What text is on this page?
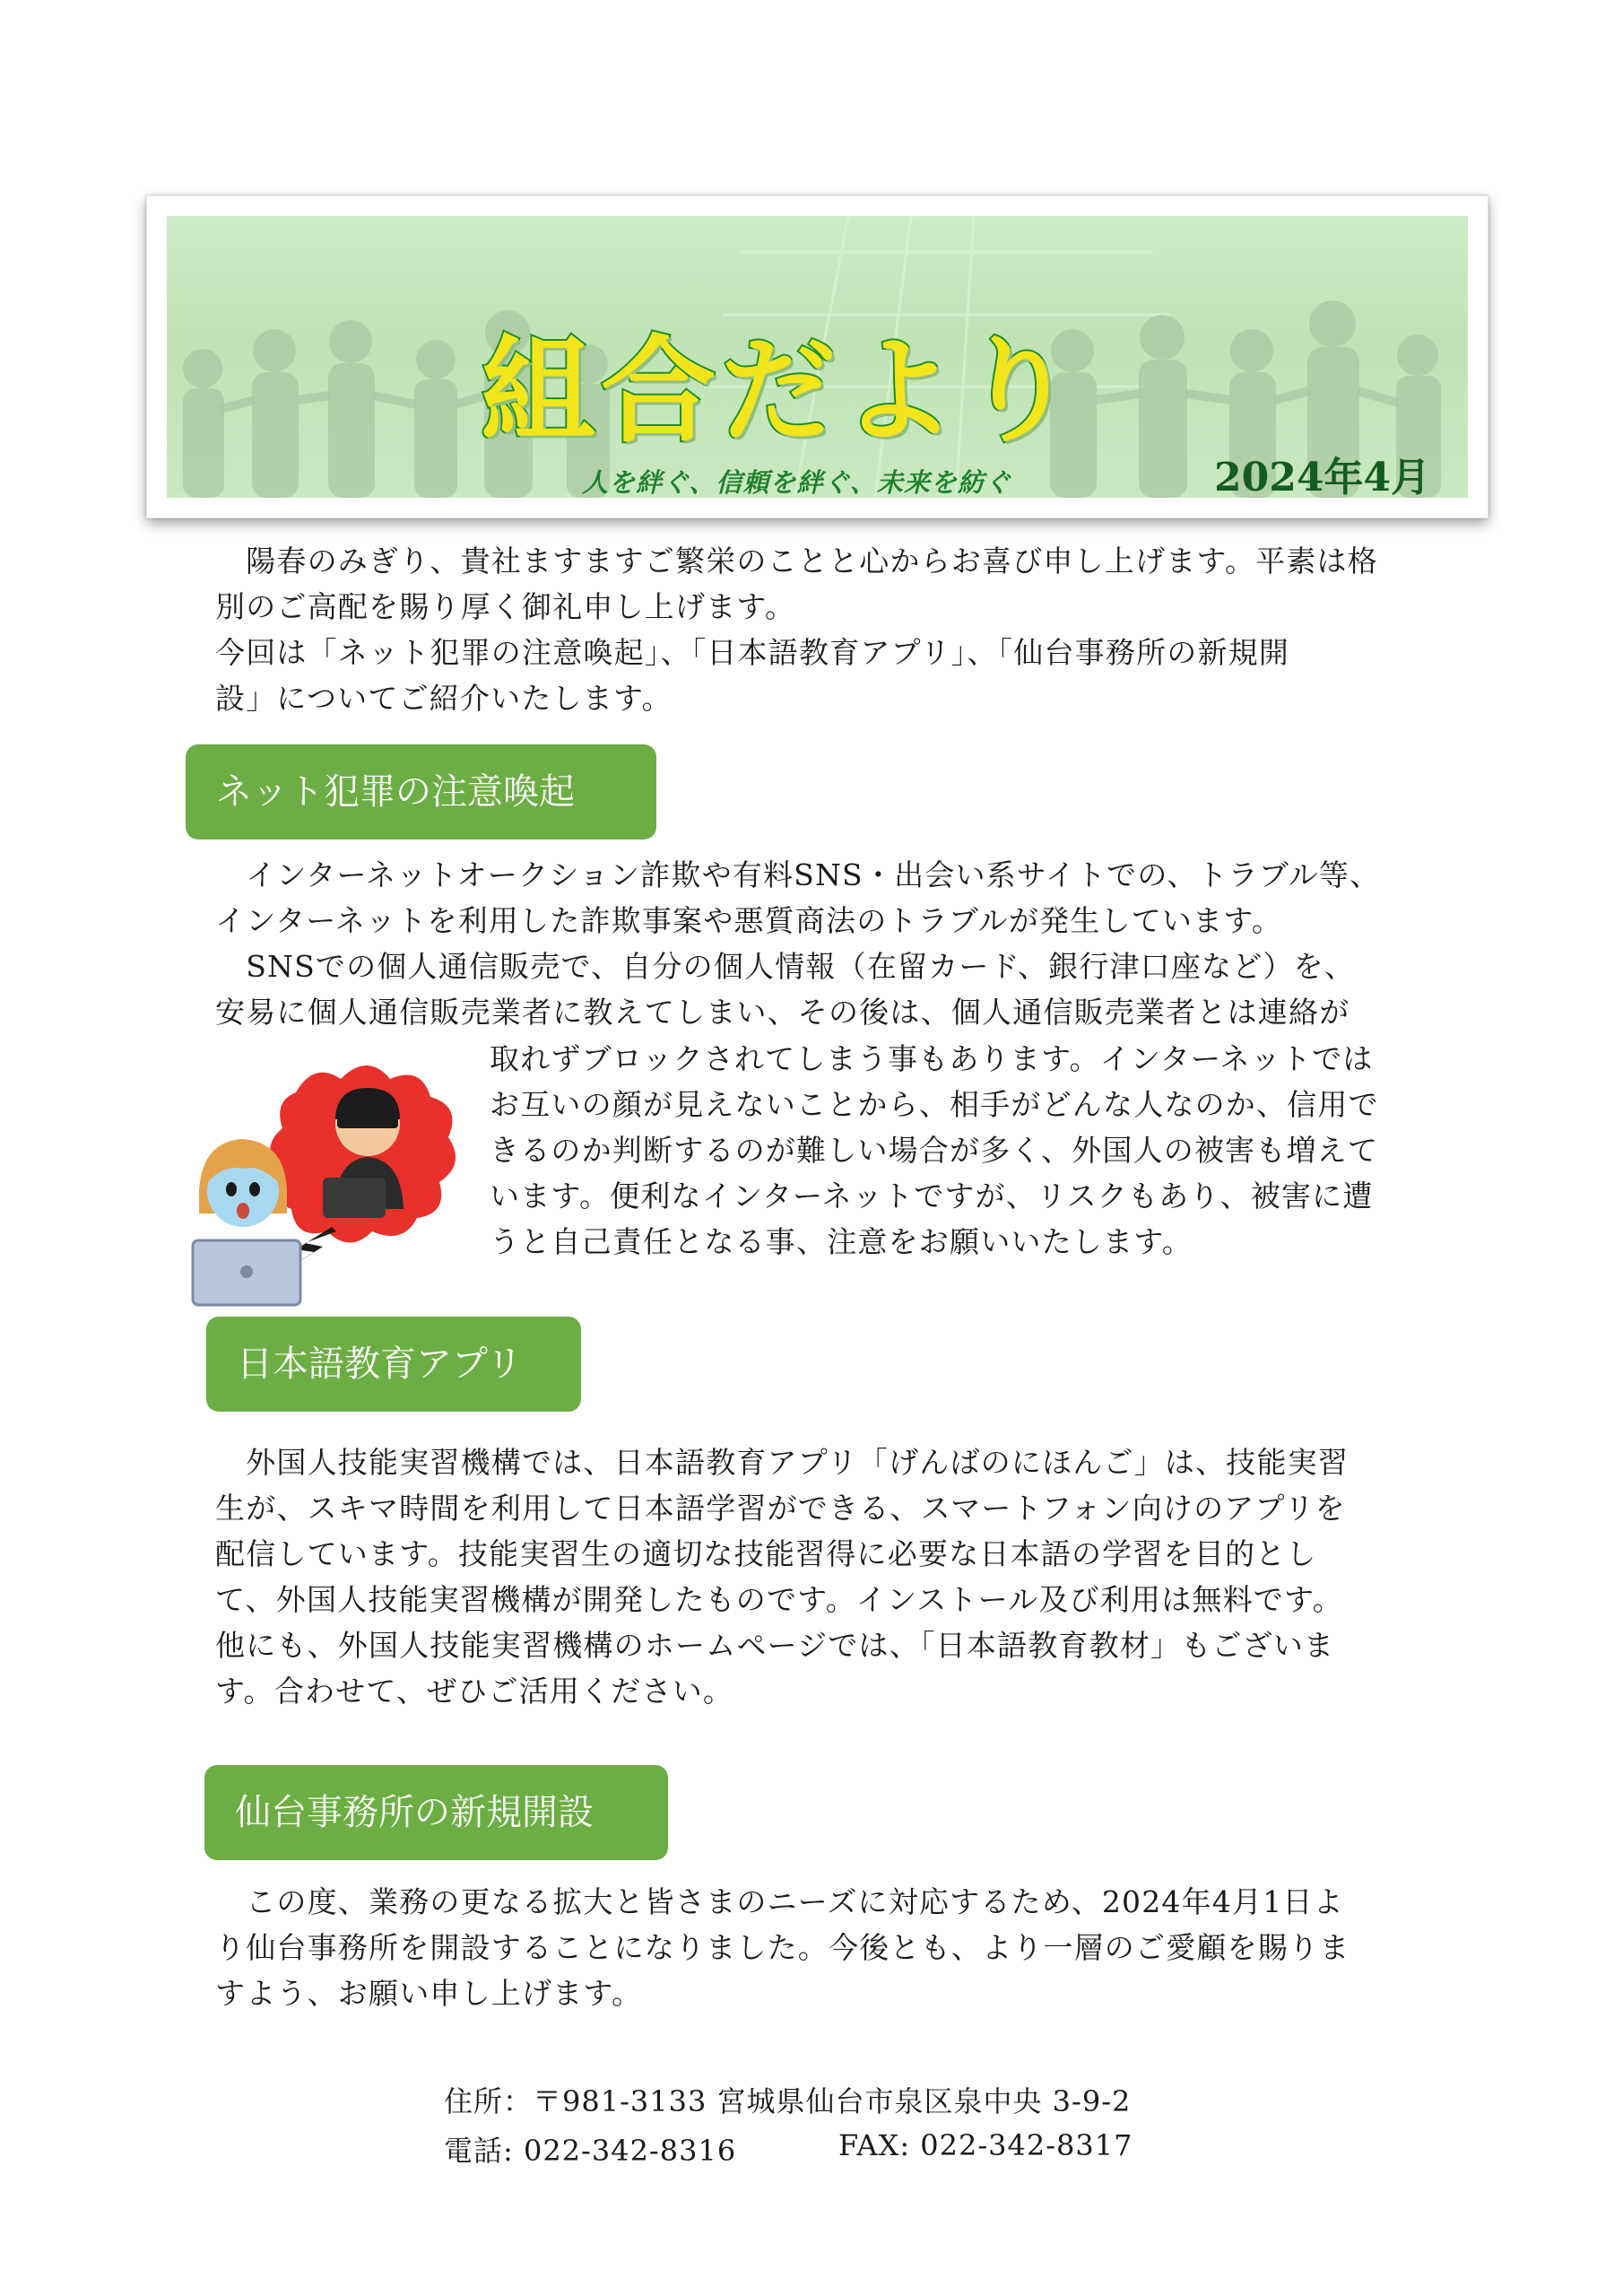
組合だより
人を絆ぐ、信頼を絆ぐ、未来を紡ぐ	2024年4月
　陽春のみぎり、貴社ますますご繁栄のことと心からお喜び申し上げます。平素は格
別のご高配を賜り厚く御礼申し上げます。
今回は「ネット犯罪の注意喚起」、「日本語教育アプリ」、「仙台事務所の新規開
設」についてご紹介いたします。
ネット犯罪の注意喚起
　インターネットオークション詐欺や有料SNS・出会い系サイトでの、トラブル等、
インターネットを利用した詐欺事案や悪質商法のトラブルが発生しています。
　SNSでの個人通信販売で、自分の個人情報（在留カード、銀行津口座など）を、
安易に個人通信販売業者に教えてしまい、その後は、個人通信販売業者とは連絡が
取れずブロックされてしまう事もあります。インターネットでは
お互いの顔が見えないことから、相手がどんな人なのか、信用で
きるのか判断するのが難しい場合が多く、外国人の被害も増えて
います。便利なインターネットですが、リスクもあり、被害に遭
うと自己責任となる事、注意をお願いいたします。
日本語教育アプリ
　外国人技能実習機構では、日本語教育アプリ「げんばのにほんご」は、技能実習
生が、スキマ時間を利用して日本語学習ができる、スマートフォン向けのアプリを
配信しています。技能実習生の適切な技能習得に必要な日本語の学習を目的とし
て、外国人技能実習機構が開発したものです。インストール及び利用は無料です。
他にも、外国人技能実習機構のホームページでは、「日本語教育教材」もございま
す。合わせて、ぜひご活用ください。
仙台事務所の新規開設
　この度、業務の更なる拡大と皆さまのニーズに対応するため、2024年4月1日よ
り仙台事務所を開設することになりました。今後とも、より一層のご愛顧を賜りま
すよう、お願い申し上げます。
住所：〒981-3133 宮城県仙台市泉区泉中央 3-9-2
電話: 022-342-8316	FAX: 022-342-8317
